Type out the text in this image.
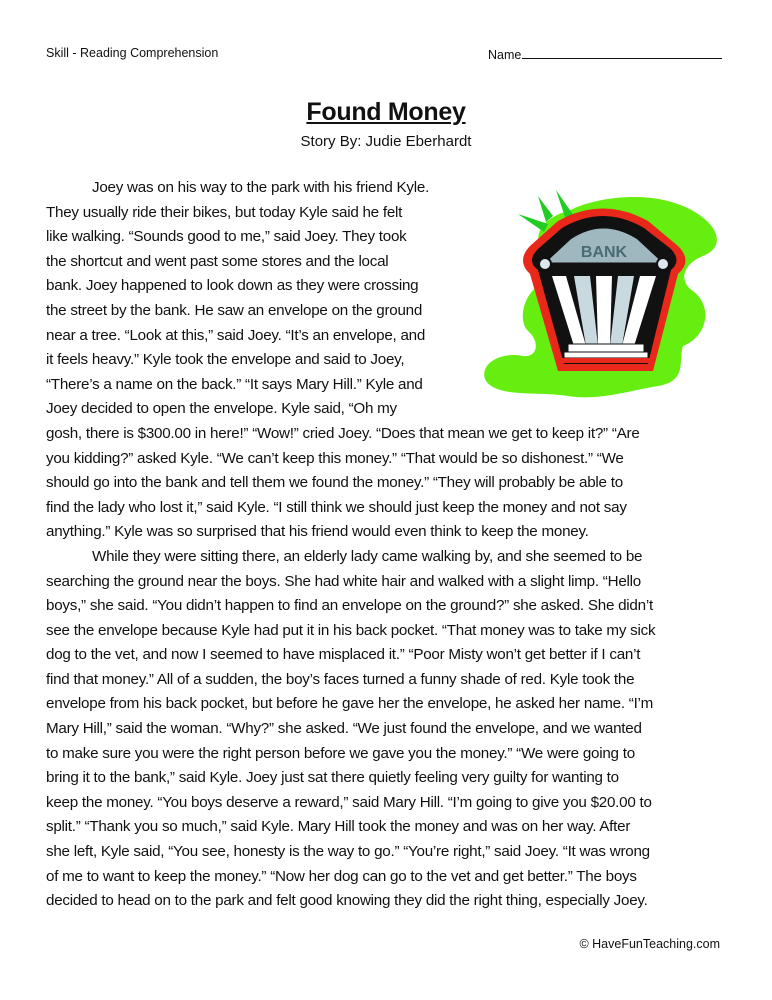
Skill - Reading Comprehension	Name
Found Money
Story By: Judie Eberhardt
BANK
Joey was on his way to the park with his friend Kyle.
They usually ride their bikes, but today Kyle said he felt
like walking. “Sounds good to me,” said Joey. They took
the shortcut and went past some stores and the local
bank. Joey happened to look down as they were crossing
the street by the bank. He saw an envelope on the ground
near a tree. “Look at this,” said Joey. “It’s an envelope, and
it feels heavy.” Kyle took the envelope and said to Joey,
“There’s a name on the back.” “It says Mary Hill.” Kyle and
Joey decided to open the envelope. Kyle said, “Oh my
gosh, there is $300.00 in here!” “Wow!” cried Joey. “Does that mean we get to keep it?” “Are
you kidding?” asked Kyle. “We can’t keep this money.” “That would be so dishonest.” “We
should go into the bank and tell them we found the money.” “They will probably be able to
find the lady who lost it,” said Kyle. “I still think we should just keep the money and not say
anything.” Kyle was so surprised that his friend would even think to keep the money.
While they were sitting there, an elderly lady came walking by, and she seemed to be
searching the ground near the boys. She had white hair and walked with a slight limp. “Hello
boys,” she said. “You didn’t happen to find an envelope on the ground?” she asked. She didn’t
see the envelope because Kyle had put it in his back pocket. “That money was to take my sick
dog to the vet, and now I seemed to have misplaced it.” “Poor Misty won’t get better if I can’t
find that money.” All of a sudden, the boy’s faces turned a funny shade of red. Kyle took the
envelope from his back pocket, but before he gave her the envelope, he asked her name. “I’m
Mary Hill,” said the woman. “Why?” she asked. “We just found the envelope, and we wanted
to make sure you were the right person before we gave you the money.” “We were going to
bring it to the bank,” said Kyle. Joey just sat there quietly feeling very guilty for wanting to
keep the money. “You boys deserve a reward,” said Mary Hill. “I’m going to give you $20.00 to
split.” “Thank you so much,” said Kyle. Mary Hill took the money and was on her way. After
she left, Kyle said, “You see, honesty is the way to go.” “You’re right,” said Joey. “It was wrong
of me to want to keep the money.” “Now her dog can go to the vet and get better.” The boys
decided to head on to the park and felt good knowing they did the right thing, especially Joey.
© HaveFunTeaching.com
